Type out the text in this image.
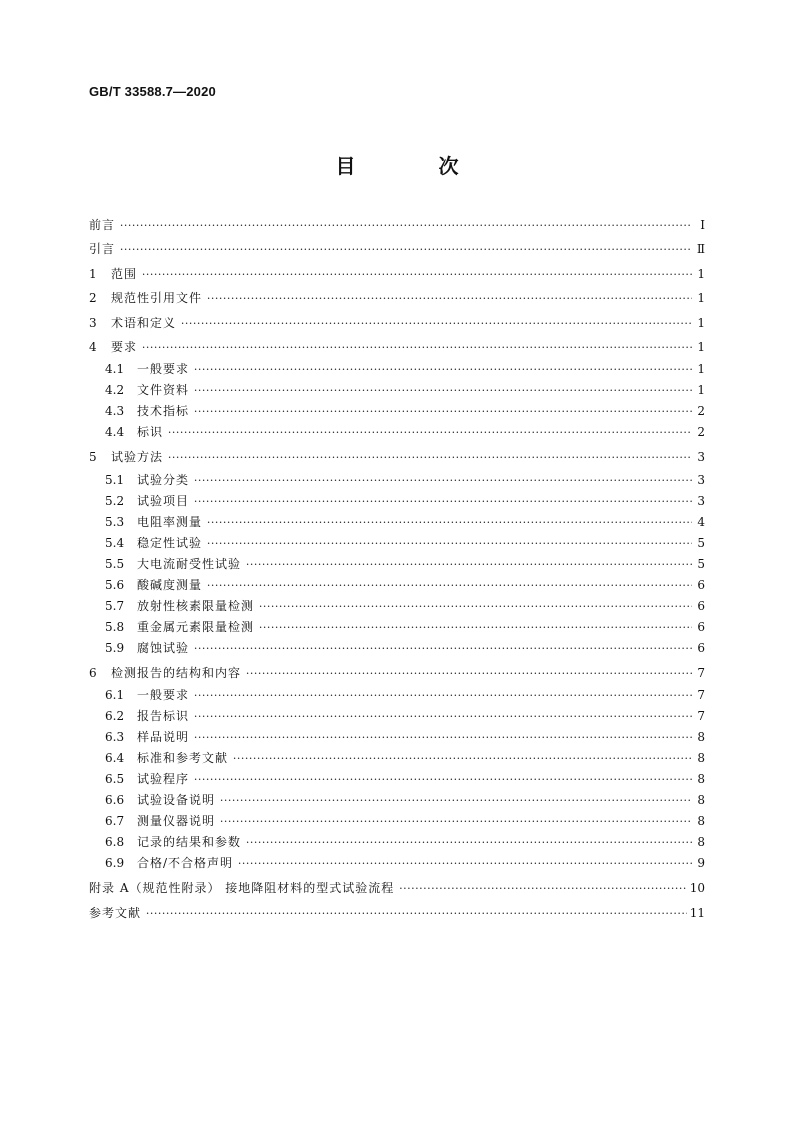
GB/T 33588.7—2020
目 次
前言 ·····	Ⅰ
引言 ·····	Ⅱ
1	范围 ·····	1
2	规范性引用文件 ·····	1
3	术语和定义 ·····	1
4	要求 ·····	1
4.1	一般要求 ·····	1
4.2	文件资料 ·····	1
4.3	技术指标 ·····	2
4.4	标识 ·····	2
5	试验方法 ·····	3
5.1	试验分类 ·····	3
5.2	试验项目 ·····	3
5.3	电阻率测量 ·····	4
5.4	稳定性试验 ·····	5
5.5	大电流耐受性试验 ·····	5
5.6	酸碱度测量 ·····	6
5.7	放射性核素限量检测 ·····	6
5.8	重金属元素限量检测 ·····	6
5.9	腐蚀试验 ·····	6
6	检测报告的结构和内容 ·····	7
6.1	一般要求 ·····	7
6.2	报告标识 ·····	7
6.3	样品说明 ·····	8
6.4	标准和参考文献 ·····	8
6.5	试验程序 ·····	8
6.6	试验设备说明 ·····	8
6.7	测量仪器说明 ·····	8
6.8	记录的结果和参数 ·····	8
6.9	合格/不合格声明 ·····	9
附录 A（规范性附录） 接地降阻材料的型式试验流程 ·····	10
参考文献 ·····	11
